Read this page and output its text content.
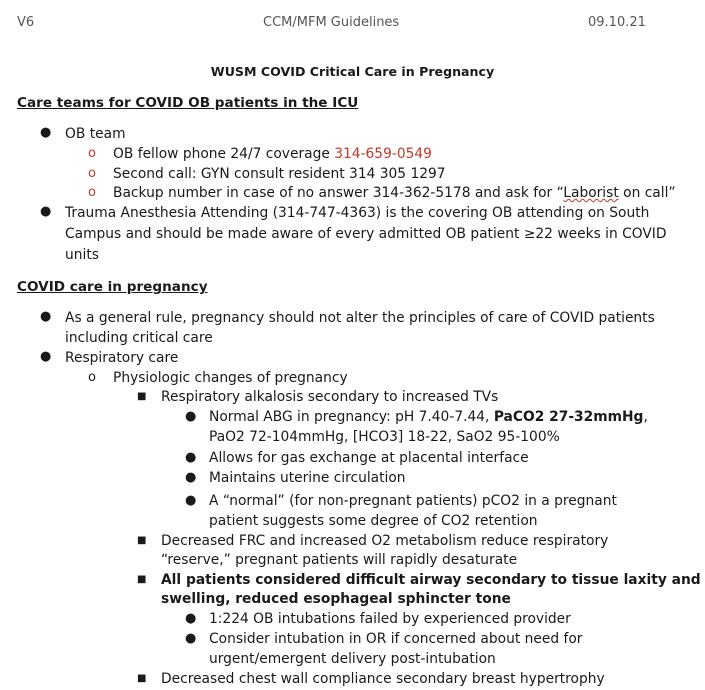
V6	CCM/MFM Guidelines	09.10.21
WUSM COVID Critical Care in Pregnancy
Care teams for COVID OB patients in the ICU
● OB team
o OB fellow phone 24/7 coverage 314-659-0549
o Second call: GYN consult resident 314 305 1297
o Backup number in case of no answer 314-362-5178 and ask for “Laborist on call”
● Trauma Anesthesia Attending (314-747-4363) is the covering OB attending on South
Campus and should be made aware of every admitted OB patient ≥22 weeks in COVID
units
COVID care in pregnancy
● As a general rule, pregnancy should not alter the principles of care of COVID patients
including critical care
● Respiratory care
o Physiologic changes of pregnancy
■ Respiratory alkalosis secondary to increased TVs
● Normal ABG in pregnancy: pH 7.40-7.44, PaCO2 27-32mmHg,
PaO2 72-104mmHg, [HCO3] 18-22, SaO2 95-100%
● Allows for gas exchange at placental interface
● Maintains uterine circulation
● A “normal” (for non-pregnant patients) pCO2 in a pregnant
patient suggests some degree of CO2 retention
■ Decreased FRC and increased O2 metabolism reduce respiratory
“reserve,” pregnant patients will rapidly desaturate
■ All patients considered difficult airway secondary to tissue laxity and
swelling, reduced esophageal sphincter tone
● 1:224 OB intubations failed by experienced provider
● Consider intubation in OR if concerned about need for
urgent/emergent delivery post-intubation
■ Decreased chest wall compliance secondary breast hypertrophy
